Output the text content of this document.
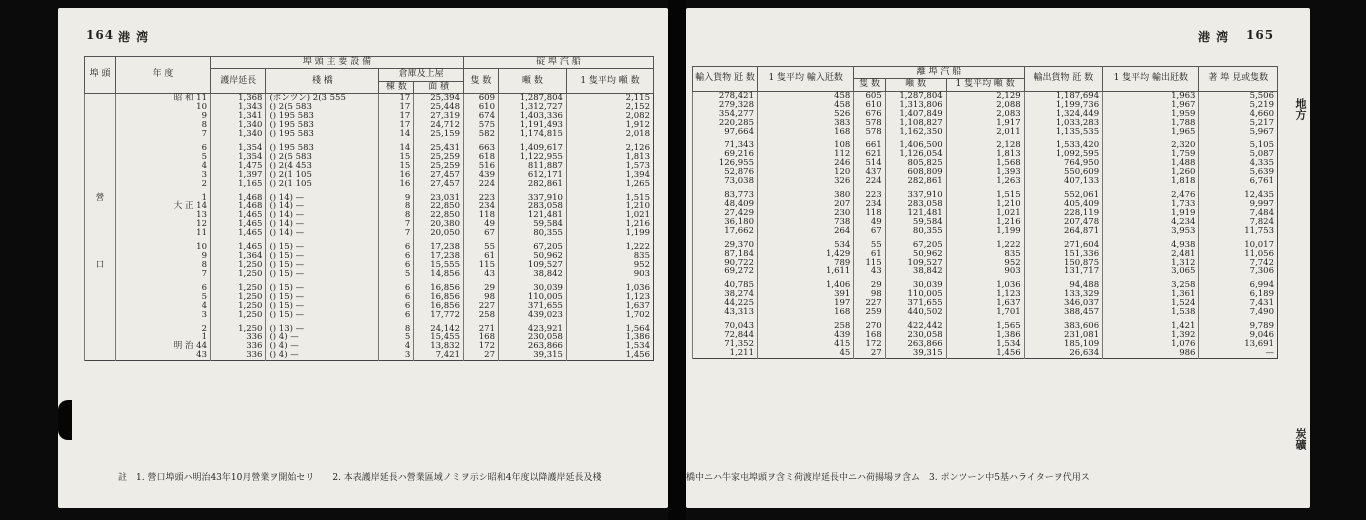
164 港 湾
埠 頭	年 度	埠 頭 主 要 設 備				碇 埠 汽 船		
		護岸延長	棧 橋	倉庫及上屋		隻 数	噸 数	1 隻平均 噸 数
				棟 数	面 積			
	昭 和 11	1,368	(ポンツン) 2(3 555	17	25,394	609	1,287,804	2,115
	10	1,343	() 2(5 583	17	25,448	610	1,312,727	2,152
	9	1,341	() 195 583	17	27,319	674	1,403,336	2,082
	8	1,340	() 195 583	17	24,712	575	1,191,493	1,912
	7	1,340	() 195 583	14	25,159	582	1,174,815	2,018
	6	1,354	() 195 583	14	25,431	663	1,409,617	2,126
	5	1,354	() 2(5 583	15	25,259	618	1,122,955	1,813
	4	1,475	() 2(4 453	15	25,259	516	811,887	1,573
	3	1,397	() 2(1 105	16	27,457	439	612,171	1,394
	2	1,165	() 2(1 105	16	27,457	224	282,861	1,265
營	1	1,468	() 14) —	9	23,031	223	337,910	1,515
	大 正 14	1,468	() 14) —	8	22,850	234	283,058	1,210
	13	1,465	() 14) —	8	22,850	118	121,481	1,021
	12	1,465	() 14) —	7	20,380	49	59,584	1,216
	11	1,465	() 14) —	7	20,050	67	80,355	1,199
	10	1,465	() 15) —	6	17,238	55	67,205	1,222
	9	1,364	() 15) —	6	17,238	61	50,962	835
口	8	1,250	() 15) —	6	15,555	115	109,527	952
	7	1,250	() 15) —	5	14,856	43	38,842	903
	6	1,250	() 15) —	6	16,856	29	30,039	1,036
	5	1,250	() 15) —	6	16,856	98	110,005	1,123
	4	1,250	() 15) —	6	16,856	227	371,655	1,637
	3	1,250	() 15) —	6	17,772	258	439,023	1,702
	2	1,250	() 13) —	8	24,142	271	423,921	1,564
	1	336	() 4) —	5	15,455	168	230,058	1,386
	明 治 44	336	() 4) —	4	13,832	172	263,866	1,534
	43	336	() 4) —	3	7,421	27	39,315	1,456
註　1. 營口埠頭ハ明治43年10月營業ヲ開始セリ　　2. 本表護岸延長ハ營業區域ノミヲ示シ昭和4年度以降護岸延長及棧
港 湾 165
輸入貨物 瓩 数	1 隻平均 輸入瓩数	離 埠 汽 船			輸出貨物 瓩 数	1 隻平均 輸出瓩数	著 埠 見或隻数
		隻 数	噸 数	1 隻平均 噸 数			
278,421	458	605	1,287,804	2,129	1,187,694	1,963	5,506
279,328	458	610	1,313,806	2,088	1,199,736	1,967	5,219
354,277	526	676	1,407,849	2,083	1,324,449	1,959	4,660
220,285	383	578	1,108,827	1,917	1,033,283	1,788	5,217
97,664	168	578	1,162,350	2,011	1,135,535	1,965	5,967
71,343	108	661	1,406,500	2,128	1,533,420	2,320	5,105
69,216	112	621	1,126,054	1,813	1,092,595	1,759	5,087
126,955	246	514	805,825	1,568	764,950	1,488	4,335
52,876	120	437	608,809	1,393	550,609	1,260	5,639
73,038	326	224	282,861	1,263	407,133	1,818	6,761
83,773	380	223	337,910	1,515	552,061	2,476	12,435
48,409	207	234	283,058	1,210	405,409	1,733	9,997
27,429	230	118	121,481	1,021	228,119	1,919	7,484
36,180	738	49	59,584	1,216	207,478	4,234	7,824
17,662	264	67	80,355	1,199	264,871	3,953	11,753
29,370	534	55	67,205	1,222	271,604	4,938	10,017
87,184	1,429	61	50,962	835	151,336	2,481	11,056
90,722	789	115	109,527	952	150,875	1,312	7,742
69,272	1,611	43	38,842	903	131,717	3,065	7,306
40,785	1,406	29	30,039	1,036	94,488	3,258	6,994
38,274	391	98	110,005	1,123	133,329	1,361	6,189
44,225	197	227	371,655	1,637	346,037	1,524	7,431
43,313	168	259	440,502	1,701	388,457	1,538	7,490
70,043	258	270	422,442	1,565	383,606	1,421	9,789
72,844	439	168	230,058	1,386	231,081	1,392	9,046
71,352	415	172	263,866	1,534	185,109	1,076	13,691
1,211	45	27	39,315	1,456	26,634	986	—
橋中ニハ牛家屯埠頭ヲ含ミ荷渡岸延長中ニハ荷揚場ヲ含ム　3. ポンツーン中5基ハライターヲ代用ス
地方
炭礦
